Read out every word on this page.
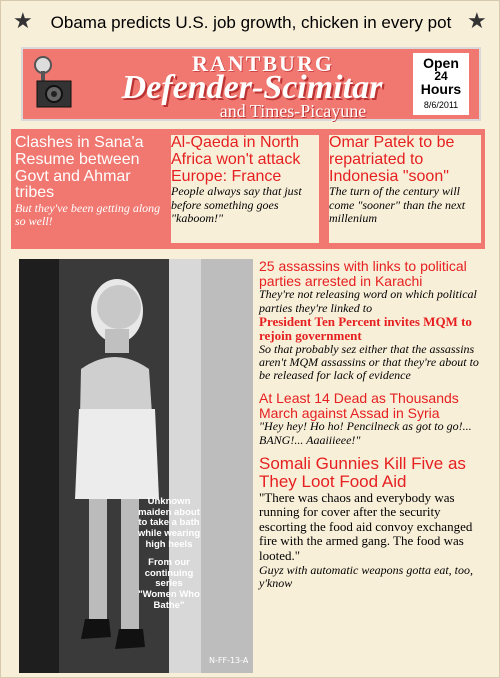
★	Obama predicts U.S. job growth, chicken in every pot ★
RANTBURG
Defender-Scimitar
and Times-Picayune
Open
24
Hours
8/6/2011
Clashes in Sana'a Resume between Govt and Ahmar tribes
But they've been getting along so well!
Al-Qaeda in North Africa won't attack Europe: France
People always say that just before something goes "kaboom!"
Omar Patek to be repatriated to Indonesia "soon"
The turn of the century will come "sooner" than the next millenium
N-FF-13-A
Unknown maiden about to take a bath while wearing high heels
From our continuing series "Women Who Bathe"
25 assassins with links to political parties arrested in Karachi
They're not releasing word on which political parties they're linked to
President Ten Percent invites MQM to rejoin government
So that probably sez either that the assassins aren't MQM assassins or that they're about to be released for lack of evidence
At Least 14 Dead as Thousands March against Assad in Syria
"Hey hey! Ho ho! Pencilneck as got to go!... BANG!... Aaaiiieee!"
Somali Gunnies Kill Five as They Loot Food Aid
"There was chaos and everybody was running for cover after the security escorting the food aid convoy exchanged fire with the armed gang. The food was looted."
Guyz with automatic weapons gotta eat, too, y'know
